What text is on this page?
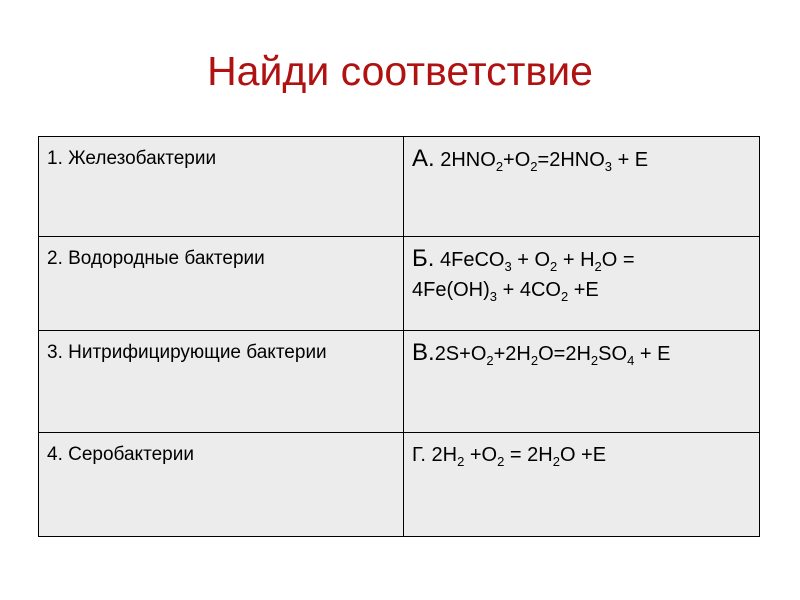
Найди соответствие
1. Железобактерии	А. $2HNO_2+O_2=2HNO_3 + E$

2. Водородные бактерии	Б. 4FeCO$_3$ + $O_2 + H_2O$ =
$4Fe(OH)_3 + 4CO_2 +E$

3. Нитрифицирующие бактерии	$В.2S+O_2+2H_2O=2H_2SO_4 + E$

4. Серобактерии	Г. $2H_2 +O_2 = 2H_2O +E$
